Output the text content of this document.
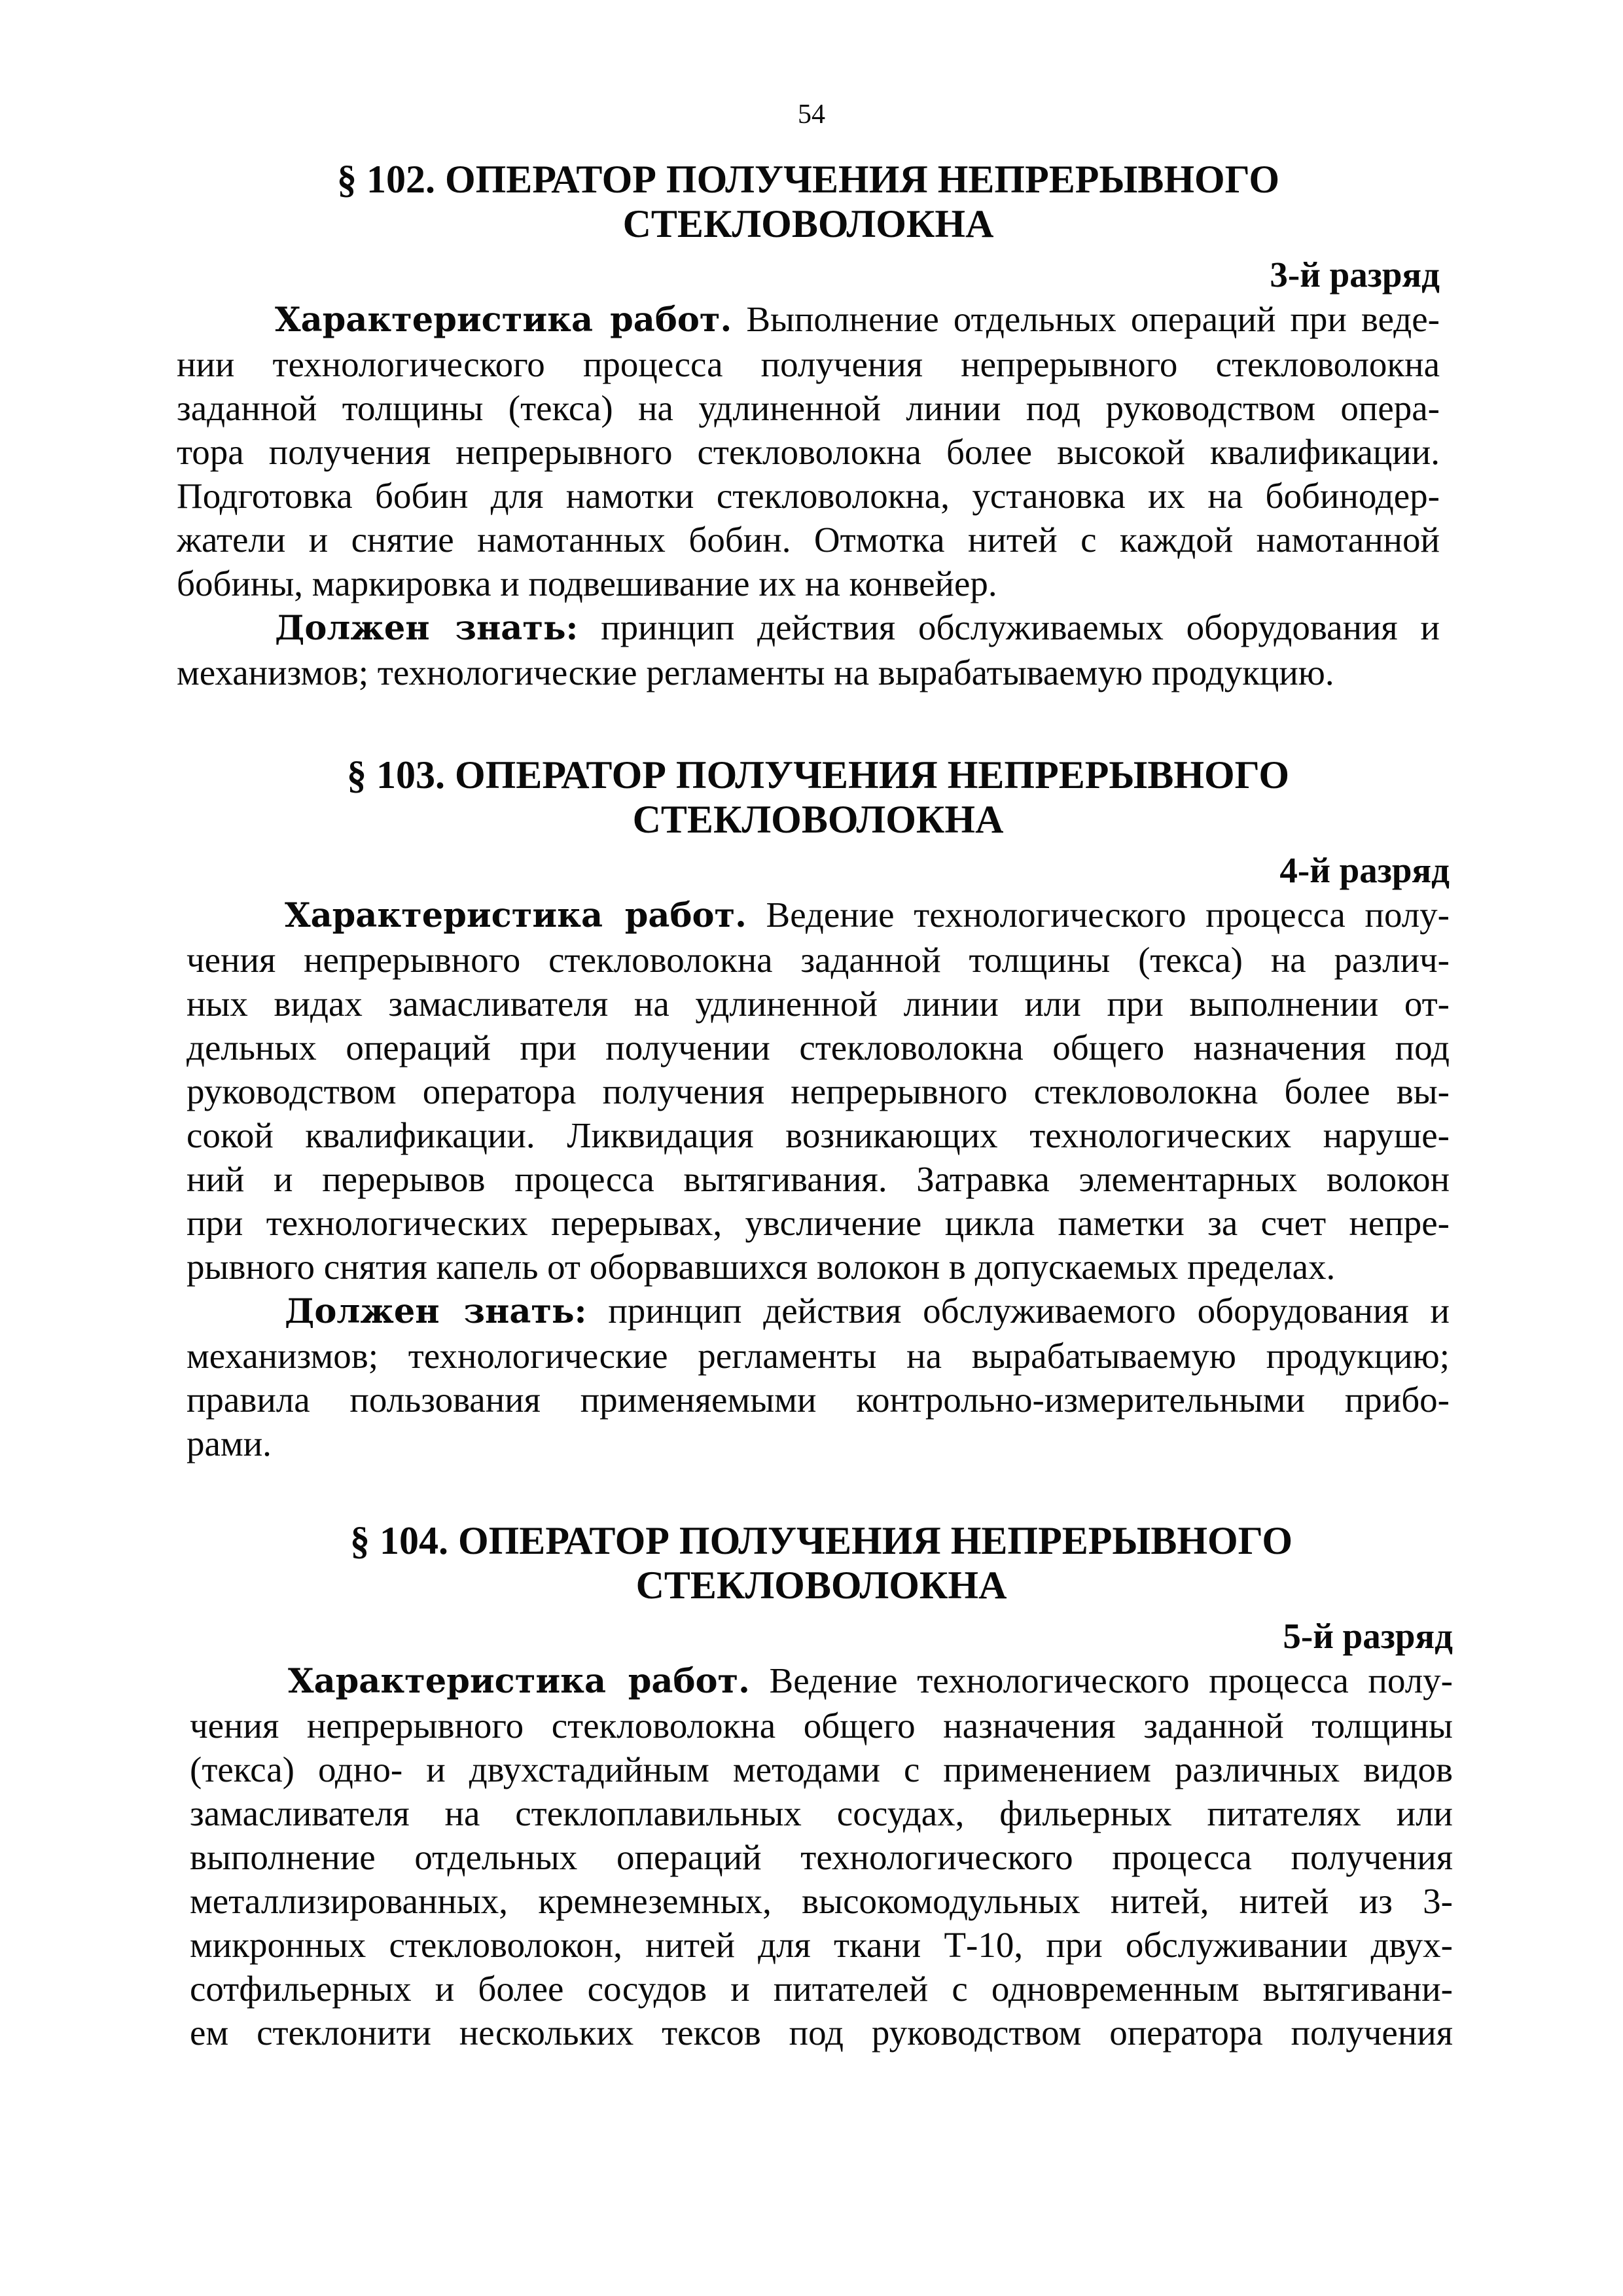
54
§ 102. ОПЕРАТОР ПОЛУЧЕНИЯ НЕПРЕРЫВНОГО
СТЕКЛОВОЛОКНА

3-й разряд

Характеристика работ. Выполнение отдельных операций при веде-
нии технологического процесса получения непрерывного стекловолокна
заданной толщины (текса) на удлиненной линии под руководством опера-
тора получения непрерывного стекловолокна более высокой квалификации.
Подготовка бобин для намотки стекловолокна, установка их на бобинодер-
жатели и снятие намотанных бобин. Отмотка нитей с каждой намотанной
бобины, маркировка и подвешивание их на конвейер.
Должен знать: принцип действия обслуживаемых оборудования и
механизмов; технологические регламенты на вырабатываемую продукцию.
§ 103. ОПЕРАТОР ПОЛУЧЕНИЯ НЕПРЕРЫВНОГО
СТЕКЛОВОЛОКНА

4-й разряд

Характеристика работ. Ведение технологического процесса полу-
чения непрерывного стекловолокна заданной толщины (текса) на различ-
ных видах замасливателя на удлиненной линии или при выполнении от-
дельных операций при получении стекловолокна общего назначения под
руководством оператора получения непрерывного стекловолокна более вы-
сокой квалификации. Ликвидация возникающих технологических наруше-
ний и перерывов процесса вытягивания. Затравка элементарных волокон
при технологических перерывах, увсличение цикла паметки за счет непре-
рывного снятия капель от оборвавшихся волокон в допускаемых пределах.
Должен знать: принцип действия обслуживаемого оборудования и
механизмов; технологические регламенты на вырабатываемую продукцию;
правила пользования применяемыми контрольно-измерительными прибо-
рами.
§ 104. ОПЕРАТОР ПОЛУЧЕНИЯ НЕПРЕРЫВНОГО
СТЕКЛОВОЛОКНА

5-й разряд

Характеристика работ. Ведение технологического процесса полу-
чения непрерывного стекловолокна общего назначения заданной толщины
(текса) одно- и двухстадийным методами с применением различных видов
замасливателя на стеклоплавильных сосудах, фильерных питателях или
выполнение отдельных операций технологического процесса получения
металлизированных, кремнеземных, высокомодульных нитей, нитей из 3-
микронных стекловолокон, нитей для ткани Т-10, при обслуживании двух-
сотфильерных и более сосудов и питателей с одновременным вытягивани-
ем стеклонити нескольких тексов под руководством оператора получения
